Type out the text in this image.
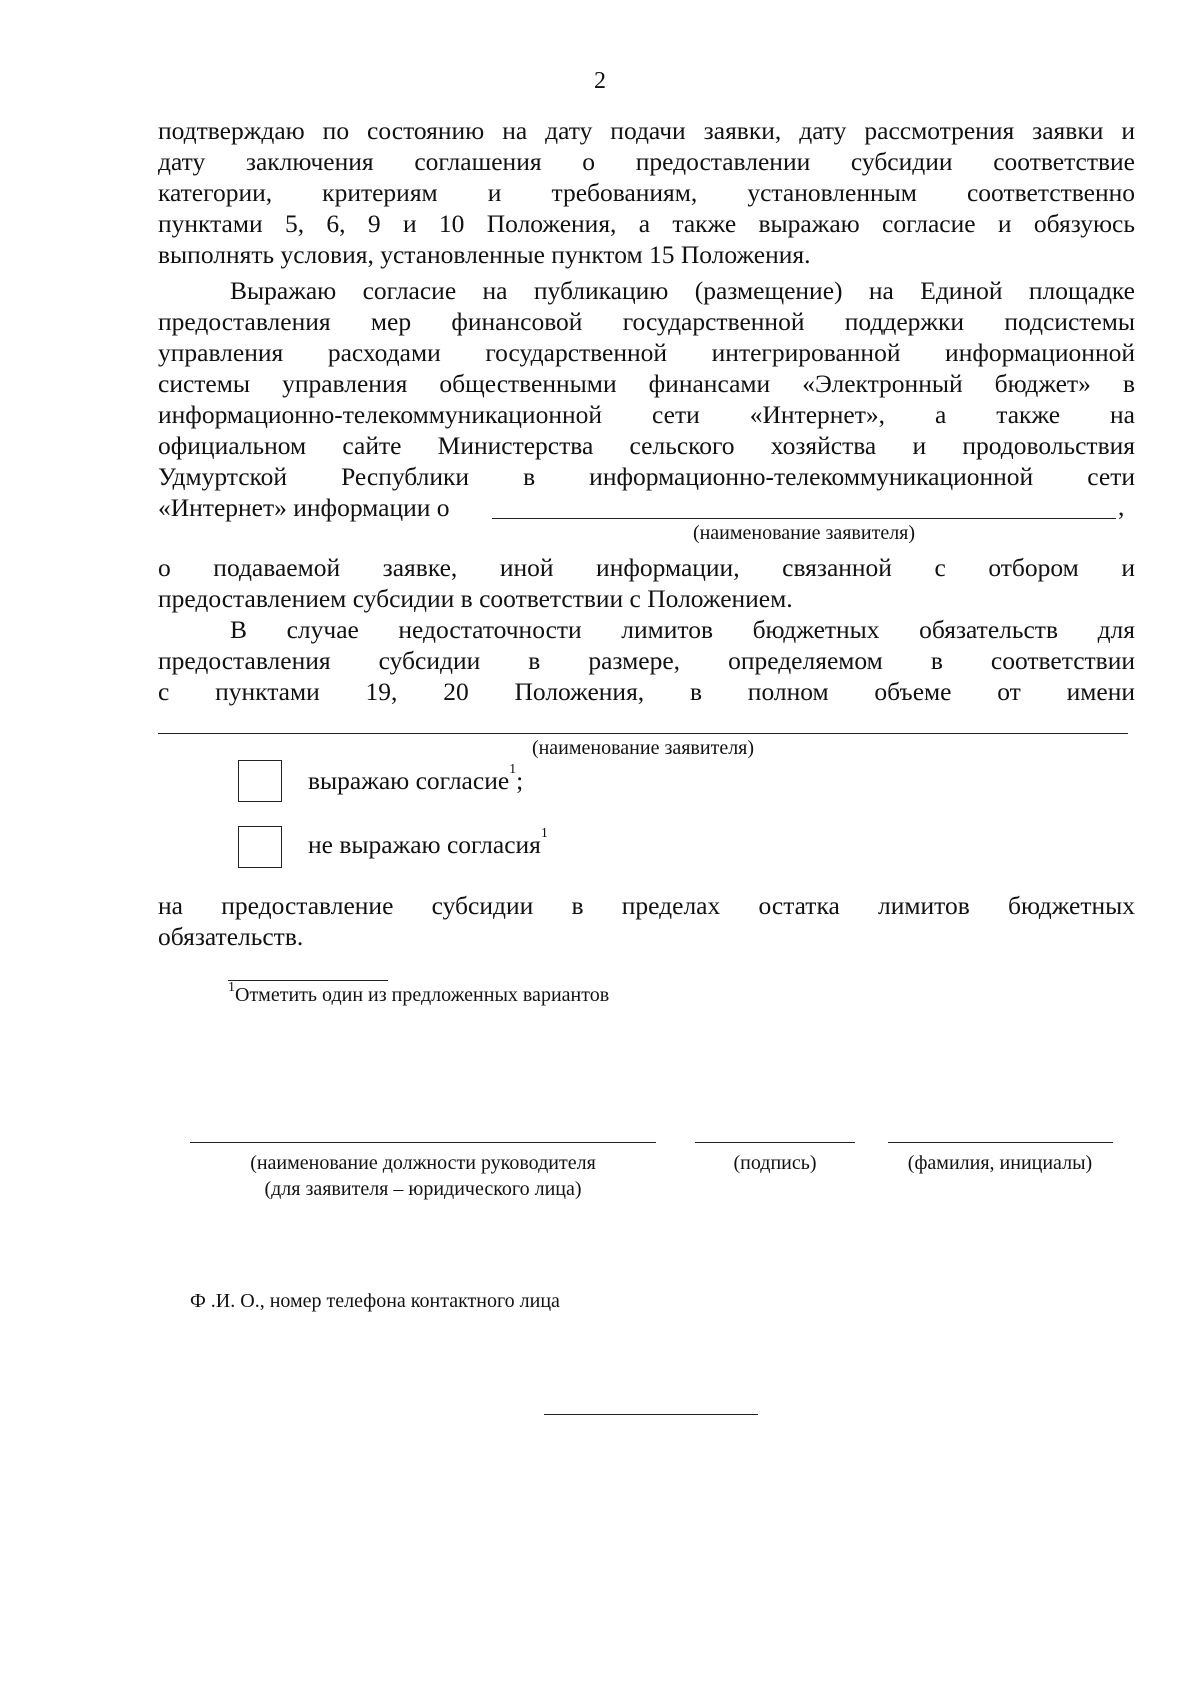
2
подтверждаю по состоянию на дату подачи заявки, дату рассмотрения заявки и
дату заключения соглашения о предоставлении субсидии соответствие
категории, критериям и требованиям, установленным соответственно
пунктами 5, 6, 9 и 10 Положения, а также выражаю согласие и обязуюсь
выполнять условия, установленные пунктом 15 Положения.
Выражаю согласие на публикацию (размещение) на Единой площадке
предоставления мер финансовой государственной поддержки подсистемы
управления расходами государственной интегрированной информационной
системы управления общественными финансами «Электронный бюджет» в
информационно-телекоммуникационной сети «Интернет», а также на
официальном сайте Министерства сельского хозяйства и продовольствия
Удмуртской Республики в информационно-телекоммуникационной сети
«Интернет» информации о	,
(наименование заявителя)
о подаваемой заявке, иной информации, связанной с отбором и
предоставлением субсидии в соответствии с Положением.
В случае недостаточности лимитов бюджетных обязательств для
предоставления субсидии в размере, определяемом в соответствии
с пунктами 19, 20 Положения, в полном объеме от имени
(наименование заявителя)
выражаю согласие$^1$;
не выражаю согласия$^1$
на предоставление субсидии в пределах остатка лимитов бюджетных
обязательств.
$^1$Отметить один из предложенных вариантов
(наименование должности руководителя
(для заявителя – юридического лица)
(подпись)	(фамилия, инициалы)
Ф .И. О., номер телефона контактного лица
